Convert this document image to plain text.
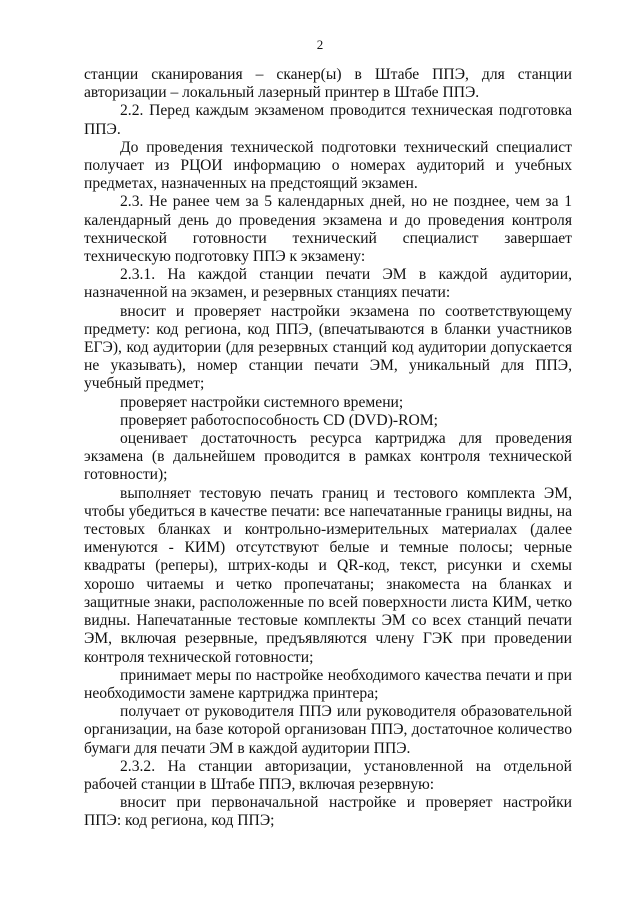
2

станции сканирования – сканер(ы) в Штабе ППЭ, для станции авторизации – локальный лазерный принтер в Штабе ППЭ.

2.2. Перед каждым экзаменом проводится техническая подготовка ППЭ.

До проведения технической подготовки технический специалист получает из РЦОИ информацию о номерах аудиторий и учебных предметах, назначенных на предстоящий экзамен.

2.3. Не ранее чем за 5 календарных дней, но не позднее, чем за 1 календарный день до проведения экзамена и до проведения контроля технической готовности технический специалист завершает техническую подготовку ППЭ к экзамену:

2.3.1. На каждой станции печати ЭМ в каждой аудитории, назначенной на экзамен, и резервных станциях печати:

вносит и проверяет настройки экзамена по соответствующему предмету: код региона, код ППЭ, (впечатываются в бланки участников ЕГЭ), код аудитории (для резервных станций код аудитории допускается не указывать), номер станции печати ЭМ, уникальный для ППЭ, учебный предмет;

проверяет настройки системного времени;

проверяет работоспособность CD (DVD)-ROM;

оценивает достаточность ресурса картриджа для проведения экзамена (в дальнейшем проводится в рамках контроля технической готовности);

выполняет тестовую печать границ и тестового комплекта ЭМ, чтобы убедиться в качестве печати: все напечатанные границы видны, на тестовых бланках и контрольно-измерительных материалах (далее именуются - КИМ) отсутствуют белые и темные полосы; черные квадраты (реперы), штрих-коды и QR-код, текст, рисунки и схемы хорошо читаемы и четко пропечатаны; знакоместа на бланках и защитные знаки, расположенные по всей поверхности листа КИМ, четко видны. Напечатанные тестовые комплекты ЭМ со всех станций печати ЭМ, включая резервные, предъявляются члену ГЭК при проведении контроля технической готовности;

принимает меры по настройке необходимого качества печати и при необходимости замене картриджа принтера;

получает от руководителя ППЭ или руководителя образовательной организации, на базе которой организован ППЭ, достаточное количество бумаги для печати ЭМ в каждой аудитории ППЭ.

2.3.2. На станции авторизации, установленной на отдельной рабочей станции в Штабе ППЭ, включая резервную:

вносит при первоначальной настройке и проверяет настройки ППЭ: код региона, код ППЭ;
